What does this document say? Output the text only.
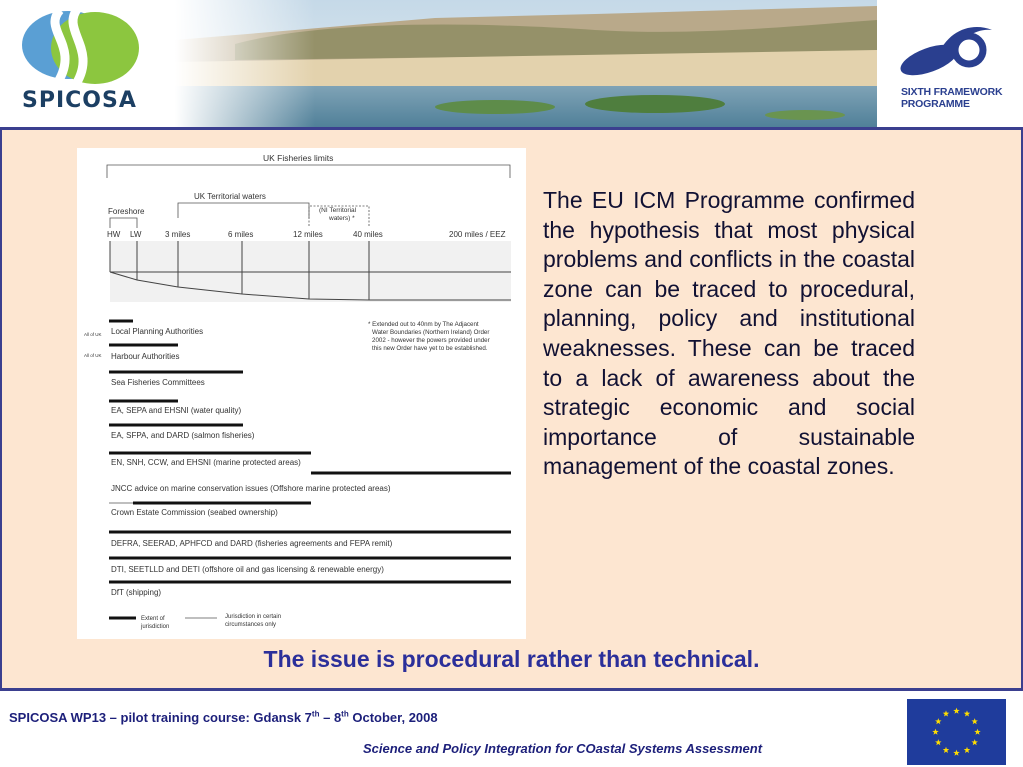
SPICOSA	SIXTH FRAMEWORK
PROGRAMME
UK Fisheries limits
UK Territorial waters
Foreshore	(NI Territorial
waters) *
HW LW	3 miles	6 miles	12 miles	40 miles	200 miles / EEZ
* Extended out to 40nm by The Adjacent
Water Boundaries (Northern Ireland) Order
2002 - however the powers provided under
this new Order have yet to be established.
All of UK
All of UK
Local Planning Authorities
Harbour Authorities
Sea Fisheries Committees
EA, SEPA and EHSNI (water quality)
EA, SFPA, and DARD (salmon fisheries)
EN, SNH, CCW, and EHSNI (marine protected areas)
JNCC advice on marine conservation issues (Offshore marine protected areas)
Crown Estate Commission (seabed ownership)
DEFRA, SEERAD, APHFCD and DARD (fisheries agreements and FEPA remit)
DTI, SEETLLD and DETI (offshore oil and gas licensing & renewable energy)
DfT (shipping)
Extent of
jurisdiction
Jurisdiction in certain
circumstances only
The EU ICM Programme confirmed the hypothesis that most physical problems and conflicts in the coastal zone can be traced to procedural, planning, policy and institutional weaknesses. These can be traced to a lack of awareness about the strategic economic and social importance of sustainable management of the coastal zones.
The issue is procedural rather than technical.
SPICOSA WP13 – pilot training course: Gdansk 7th – 8th October, 2008
Science and Policy Integration for COastal Systems Assessment
